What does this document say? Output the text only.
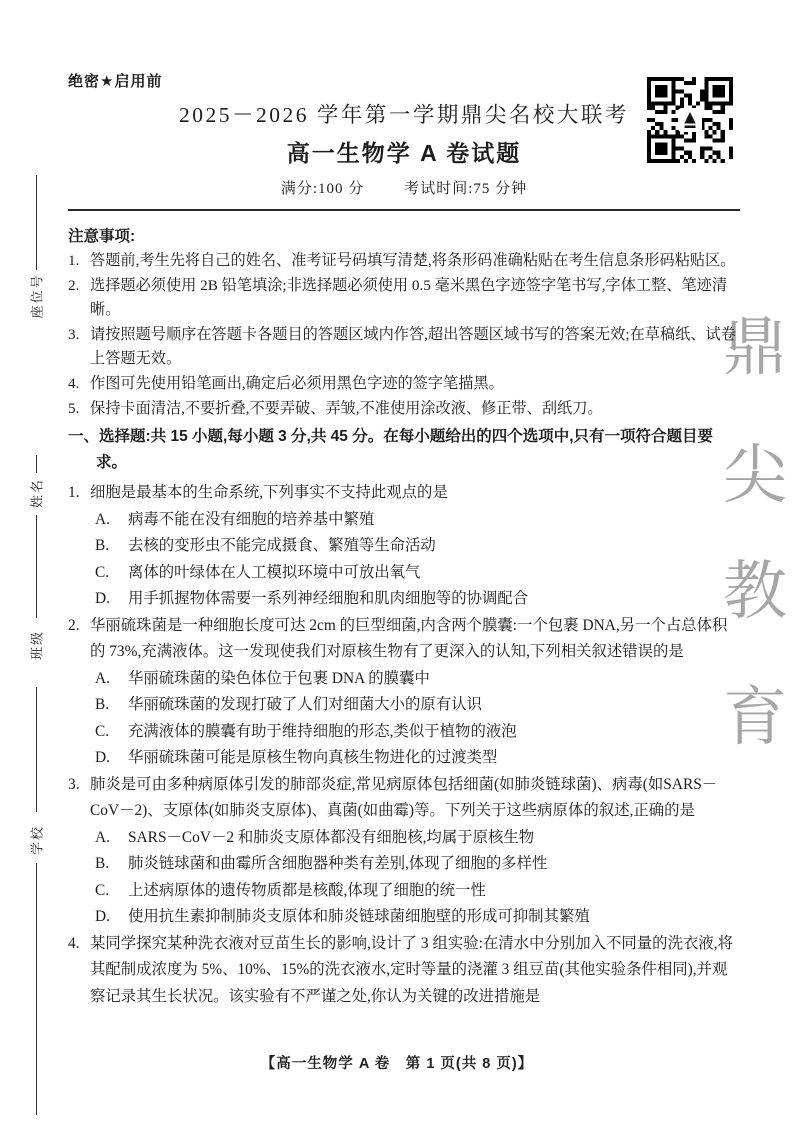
座位号
姓名
班级
学校
鼎
尖
教
育
绝密★启用前
2025－2026 学年第一学期鼎尖名校大联考
高一生物学 A 卷试题
满分:100 分	考试时间:75 分钟
注意事项:

1. 答题前,考生先将自己的姓名、准考证号码填写清楚,将条形码准确粘贴在考生信息条形码粘贴区。

2. 选择题必须使用 2B 铅笔填涂;非选择题必须使用 0.5 毫米黑色字迹签字笔书写,字体工整、笔迹清晰。

3. 请按照题号顺序在答题卡各题目的答题区域内作答,超出答题区域书写的答案无效;在草稿纸、试卷上答题无效。

4. 作图可先使用铅笔画出,确定后必须用黑色字迹的签字笔描黑。

5. 保持卡面清洁,不要折叠,不要弄破、弄皱,不准使用涂改液、修正带、刮纸刀。

一、选择题:共 15 小题,每小题 3 分,共 45 分。在每小题给出的四个选项中,只有一项符合题目要求。

1. 细胞是最基本的生命系统,下列事实不支持此观点的是

A. 病毒不能在没有细胞的培养基中繁殖

B. 去核的变形虫不能完成摄食、繁殖等生命活动

C. 离体的叶绿体在人工模拟环境中可放出氧气

D. 用手抓握物体需要一系列神经细胞和肌肉细胞等的协调配合

2. 华丽硫珠菌是一种细胞长度可达 2cm 的巨型细菌,内含两个膜囊:一个包裹 DNA,另一个占总体积的 73%,充满液体。这一发现使我们对原核生物有了更深入的认知,下列相关叙述错误的是

A. 华丽硫珠菌的染色体位于包裹 DNA 的膜囊中

B. 华丽硫珠菌的发现打破了人们对细菌大小的原有认识

C. 充满液体的膜囊有助于维持细胞的形态,类似于植物的液泡

D. 华丽硫珠菌可能是原核生物向真核生物进化的过渡类型

3. 肺炎是可由多种病原体引发的肺部炎症,常见病原体包括细菌(如肺炎链球菌)、病毒(如SARS－CoV－2)、支原体(如肺炎支原体)、真菌(如曲霉)等。下列关于这些病原体的叙述,正确的是

A. SARS－CoV－2 和肺炎支原体都没有细胞核,均属于原核生物

B. 肺炎链球菌和曲霉所含细胞器种类有差别,体现了细胞的多样性

C. 上述病原体的遗传物质都是核酸,体现了细胞的统一性

D. 使用抗生素抑制肺炎支原体和肺炎链球菌细胞壁的形成可抑制其繁殖

4. 某同学探究某种洗衣液对豆苗生长的影响,设计了 3 组实验:在清水中分别加入不同量的洗衣液,将其配制成浓度为 5%、10%、15%的洗衣液水,定时等量的浇灌 3 组豆苗(其他实验条件相同),并观察记录其生长状况。该实验有不严谨之处,你认为关键的改进措施是

【高一生物学 A 卷　第 1 页(共 8 页)】
